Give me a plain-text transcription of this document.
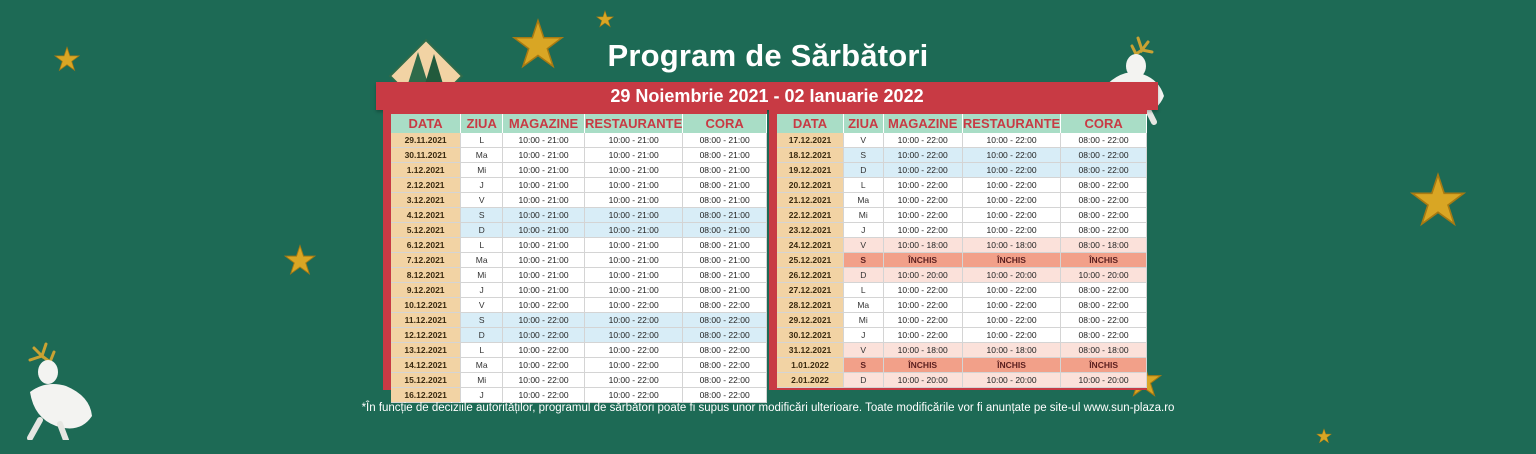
Program de Sărbători
29 Noiembrie 2021 - 02 Ianuarie 2022
DATA	ZIUA	MAGAZINE	RESTAURANTE	CORA
29.11.2021	L	10:00 - 21:00	10:00 - 21:00	08:00 - 21:00
30.11.2021	Ma	10:00 - 21:00	10:00 - 21:00	08:00 - 21:00
1.12.2021	Mi	10:00 - 21:00	10:00 - 21:00	08:00 - 21:00
2.12.2021	J	10:00 - 21:00	10:00 - 21:00	08:00 - 21:00
3.12.2021	V	10:00 - 21:00	10:00 - 21:00	08:00 - 21:00
4.12.2021	S	10:00 - 21:00	10:00 - 21:00	08:00 - 21:00
5.12.2021	D	10:00 - 21:00	10:00 - 21:00	08:00 - 21:00
6.12.2021	L	10:00 - 21:00	10:00 - 21:00	08:00 - 21:00
7.12.2021	Ma	10:00 - 21:00	10:00 - 21:00	08:00 - 21:00
8.12.2021	Mi	10:00 - 21:00	10:00 - 21:00	08:00 - 21:00
9.12.2021	J	10:00 - 21:00	10:00 - 21:00	08:00 - 21:00
10.12.2021	V	10:00 - 22:00	10:00 - 22:00	08:00 - 22:00
11.12.2021	S	10:00 - 22:00	10:00 - 22:00	08:00 - 22:00
12.12.2021	D	10:00 - 22:00	10:00 - 22:00	08:00 - 22:00
13.12.2021	L	10:00 - 22:00	10:00 - 22:00	08:00 - 22:00
14.12.2021	Ma	10:00 - 22:00	10:00 - 22:00	08:00 - 22:00
15.12.2021	Mi	10:00 - 22:00	10:00 - 22:00	08:00 - 22:00
16.12.2021	J	10:00 - 22:00	10:00 - 22:00	08:00 - 22:00
DATA	ZIUA	MAGAZINE	RESTAURANTE	CORA
17.12.2021	V	10:00 - 22:00	10:00 - 22:00	08:00 - 22:00
18.12.2021	S	10:00 - 22:00	10:00 - 22:00	08:00 - 22:00
19.12.2021	D	10:00 - 22:00	10:00 - 22:00	08:00 - 22:00
20.12.2021	L	10:00 - 22:00	10:00 - 22:00	08:00 - 22:00
21.12.2021	Ma	10:00 - 22:00	10:00 - 22:00	08:00 - 22:00
22.12.2021	Mi	10:00 - 22:00	10:00 - 22:00	08:00 - 22:00
23.12.2021	J	10:00 - 22:00	10:00 - 22:00	08:00 - 22:00
24.12.2021	V	10:00 - 18:00	10:00 - 18:00	08:00 - 18:00
25.12.2021	S	ÎNCHIS	ÎNCHIS	ÎNCHIS
26.12.2021	D	10:00 - 20:00	10:00 - 20:00	10:00 - 20:00
27.12.2021	L	10:00 - 22:00	10:00 - 22:00	08:00 - 22:00
28.12.2021	Ma	10:00 - 22:00	10:00 - 22:00	08:00 - 22:00
29.12.2021	Mi	10:00 - 22:00	10:00 - 22:00	08:00 - 22:00
30.12.2021	J	10:00 - 22:00	10:00 - 22:00	08:00 - 22:00
31.12.2021	V	10:00 - 18:00	10:00 - 18:00	08:00 - 18:00
1.01.2022	S	ÎNCHIS	ÎNCHIS	ÎNCHIS
2.01.2022	D	10:00 - 20:00	10:00 - 20:00	10:00 - 20:00
*În funcție de deciziile autorităților, programul de sărbători poate fi supus unor modificări ulterioare. Toate modificările vor fi anunțate pe site-ul www.sun-plaza.ro
